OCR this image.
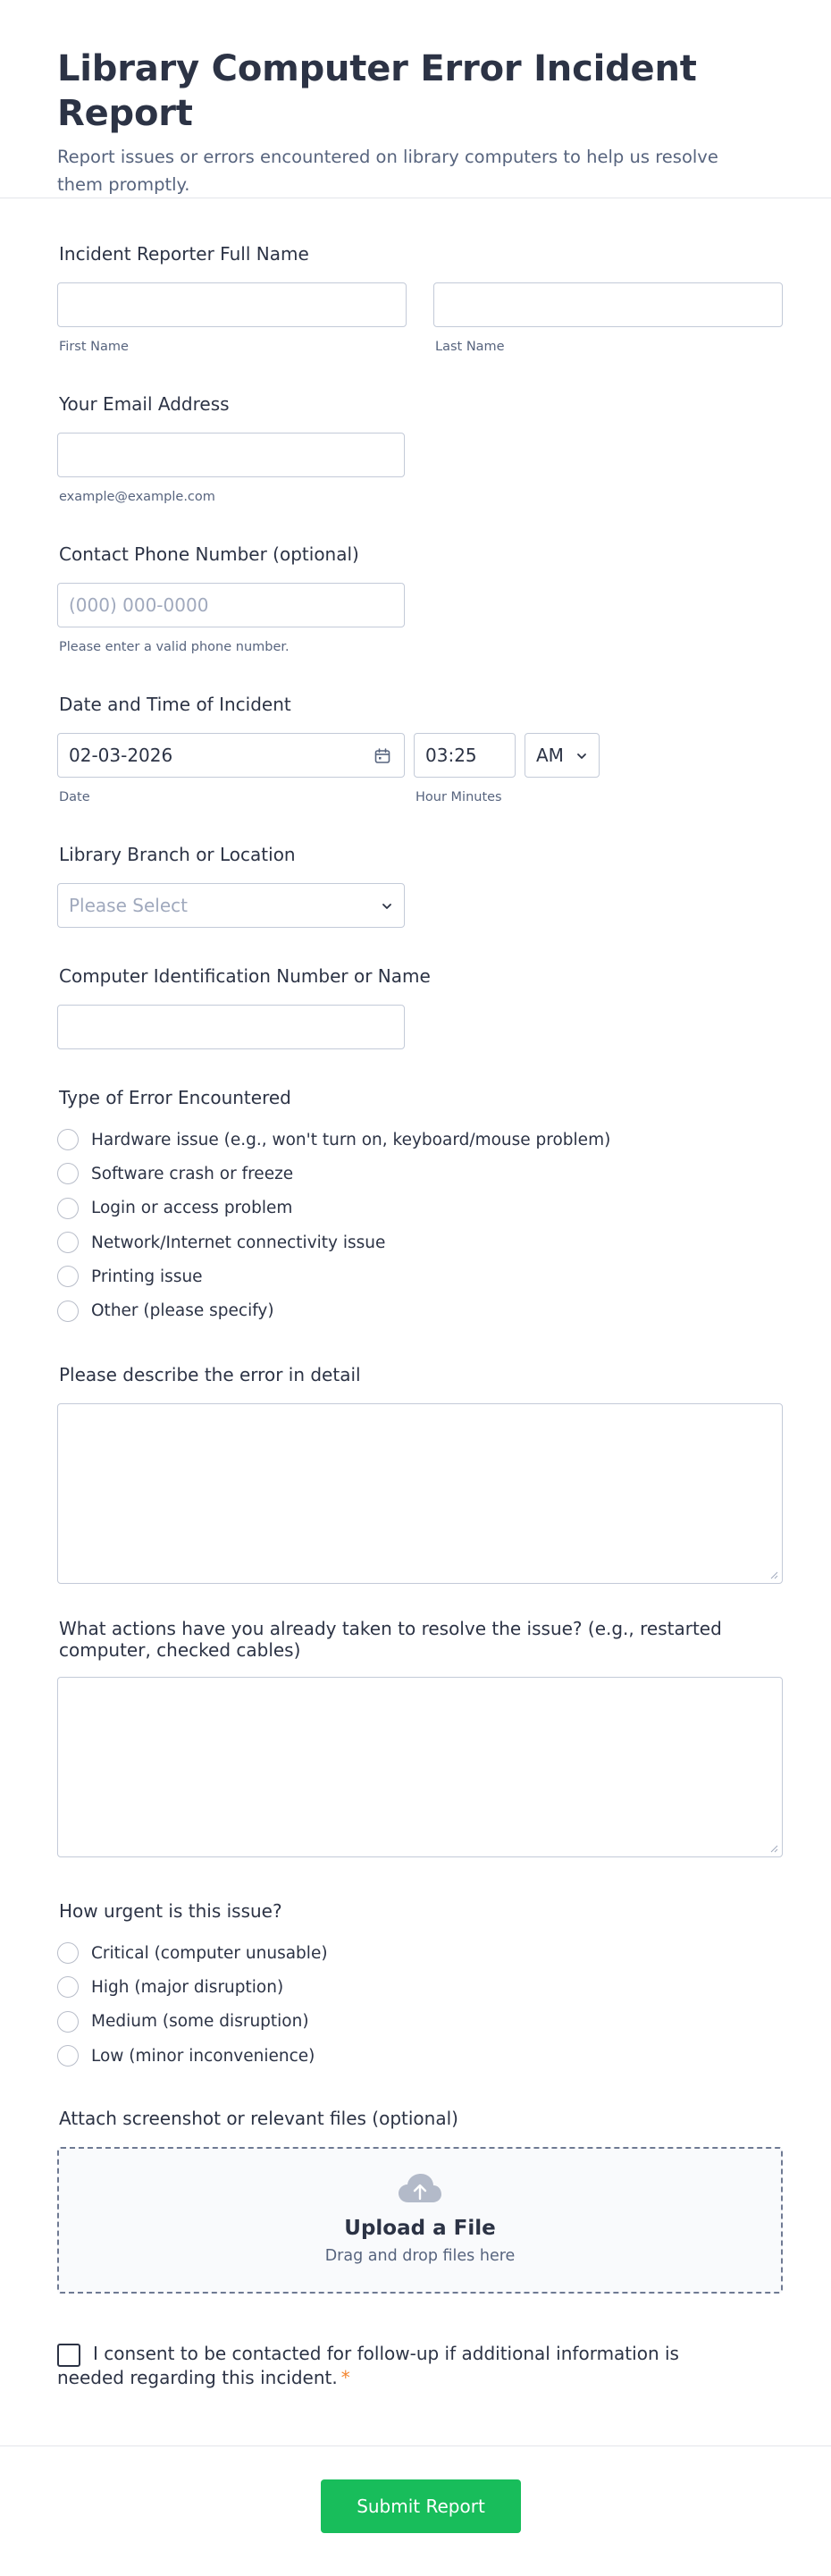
Library Computer Error Incident Report
Report issues or errors encountered on library computers to help us resolve them promptly.
Incident Reporter Full Name
First Name	Last Name
Your Email Address
example@example.com
Contact Phone Number (optional)
(000) 000-0000
Please enter a valid phone number.
Date and Time of Incident
02-03-2026	03:25	AM
Date	Hour Minutes
Library Branch or Location
Please Select
Computer Identification Number or Name
Type of Error Encountered
Hardware issue (e.g., won't turn on, keyboard/mouse problem)
Software crash or freeze
Login or access problem
Network/Internet connectivity issue
Printing issue
Other (please specify)
Please describe the error in detail
What actions have you already taken to resolve the issue? (e.g., restarted computer, checked cables)
How urgent is this issue?
Critical (computer unusable)
High (major disruption)
Medium (some disruption)
Low (minor inconvenience)
Attach screenshot or relevant files (optional)
Upload a File
Drag and drop files here
I consent to be contacted for follow-up if additional information is needed regarding this incident. *
Submit Report
